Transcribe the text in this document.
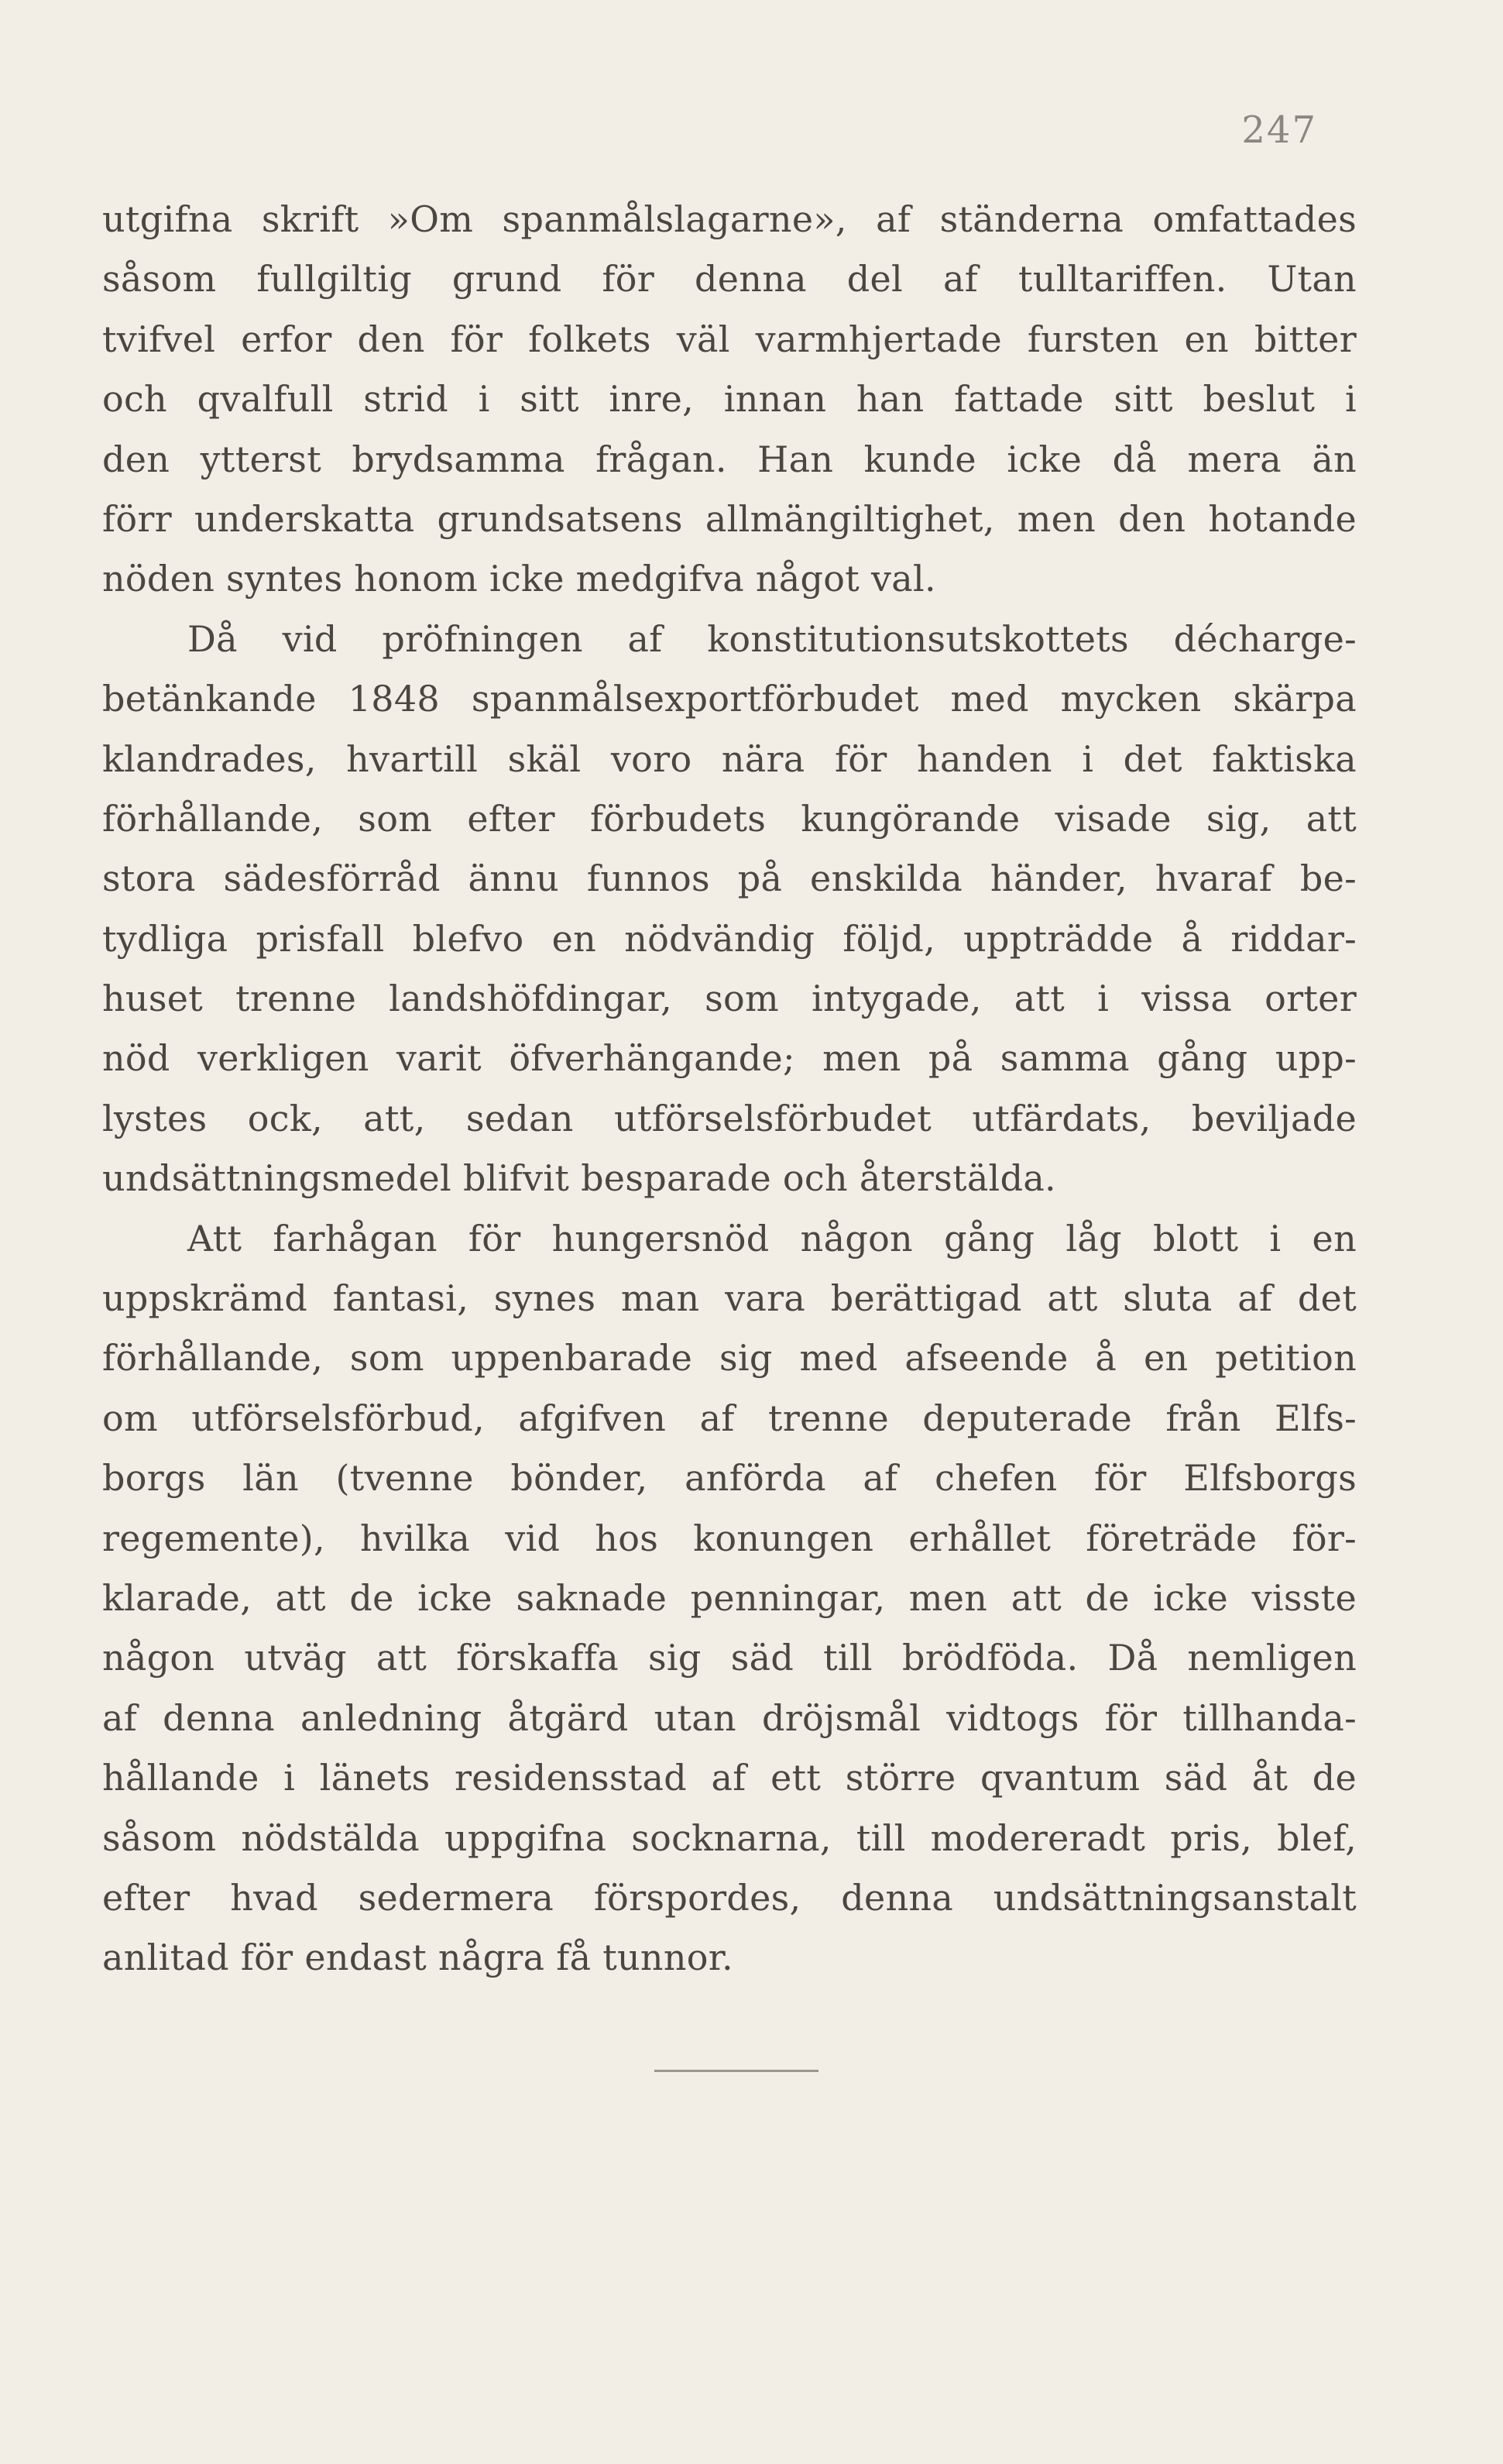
247
utgifna skrift »Om spanmålslagarne», af ständerna omfattades
såsom fullgiltig grund för denna del af tulltariffen. Utan
tvifvel erfor den för folkets väl varmhjertade fursten en bitter
och qvalfull strid i sitt inre, innan han fattade sitt beslut i
den ytterst brydsamma frågan. Han kunde icke då mera än
förr underskatta grundsatsens allmängiltighet, men den hotande
nöden syntes honom icke medgifva något val.
Då vid pröfningen af konstitutionsutskottets décharge-
betänkande 1848 spanmålsexportförbudet med mycken skärpa
klandrades, hvartill skäl voro nära för handen i det faktiska
förhållande, som efter förbudets kungörande visade sig, att
stora sädesförråd ännu funnos på enskilda händer, hvaraf be-
tydliga prisfall blefvo en nödvändig följd, uppträdde å riddar-
huset trenne landshöfdingar, som intygade, att i vissa orter
nöd verkligen varit öfverhängande; men på samma gång upp-
lystes ock, att, sedan utförselsförbudet utfärdats, beviljade
undsättningsmedel blifvit besparade och återstälda.
Att farhågan för hungersnöd någon gång låg blott i en
uppskrämd fantasi, synes man vara berättigad att sluta af det
förhållande, som uppenbarade sig med afseende å en petition
om utförselsförbud, afgifven af trenne deputerade från Elfs-
borgs län (tvenne bönder, anförda af chefen för Elfsborgs
regemente), hvilka vid hos konungen erhållet företräde för-
klarade, att de icke saknade penningar, men att de icke visste
någon utväg att förskaffa sig säd till brödföda. Då nemligen
af denna anledning åtgärd utan dröjsmål vidtogs för tillhanda-
hållande i länets residensstad af ett större qvantum säd åt de
såsom nödstälda uppgifna socknarna, till modereradt pris, blef,
efter hvad sedermera förspordes, denna undsättningsanstalt
anlitad för endast några få tunnor.
